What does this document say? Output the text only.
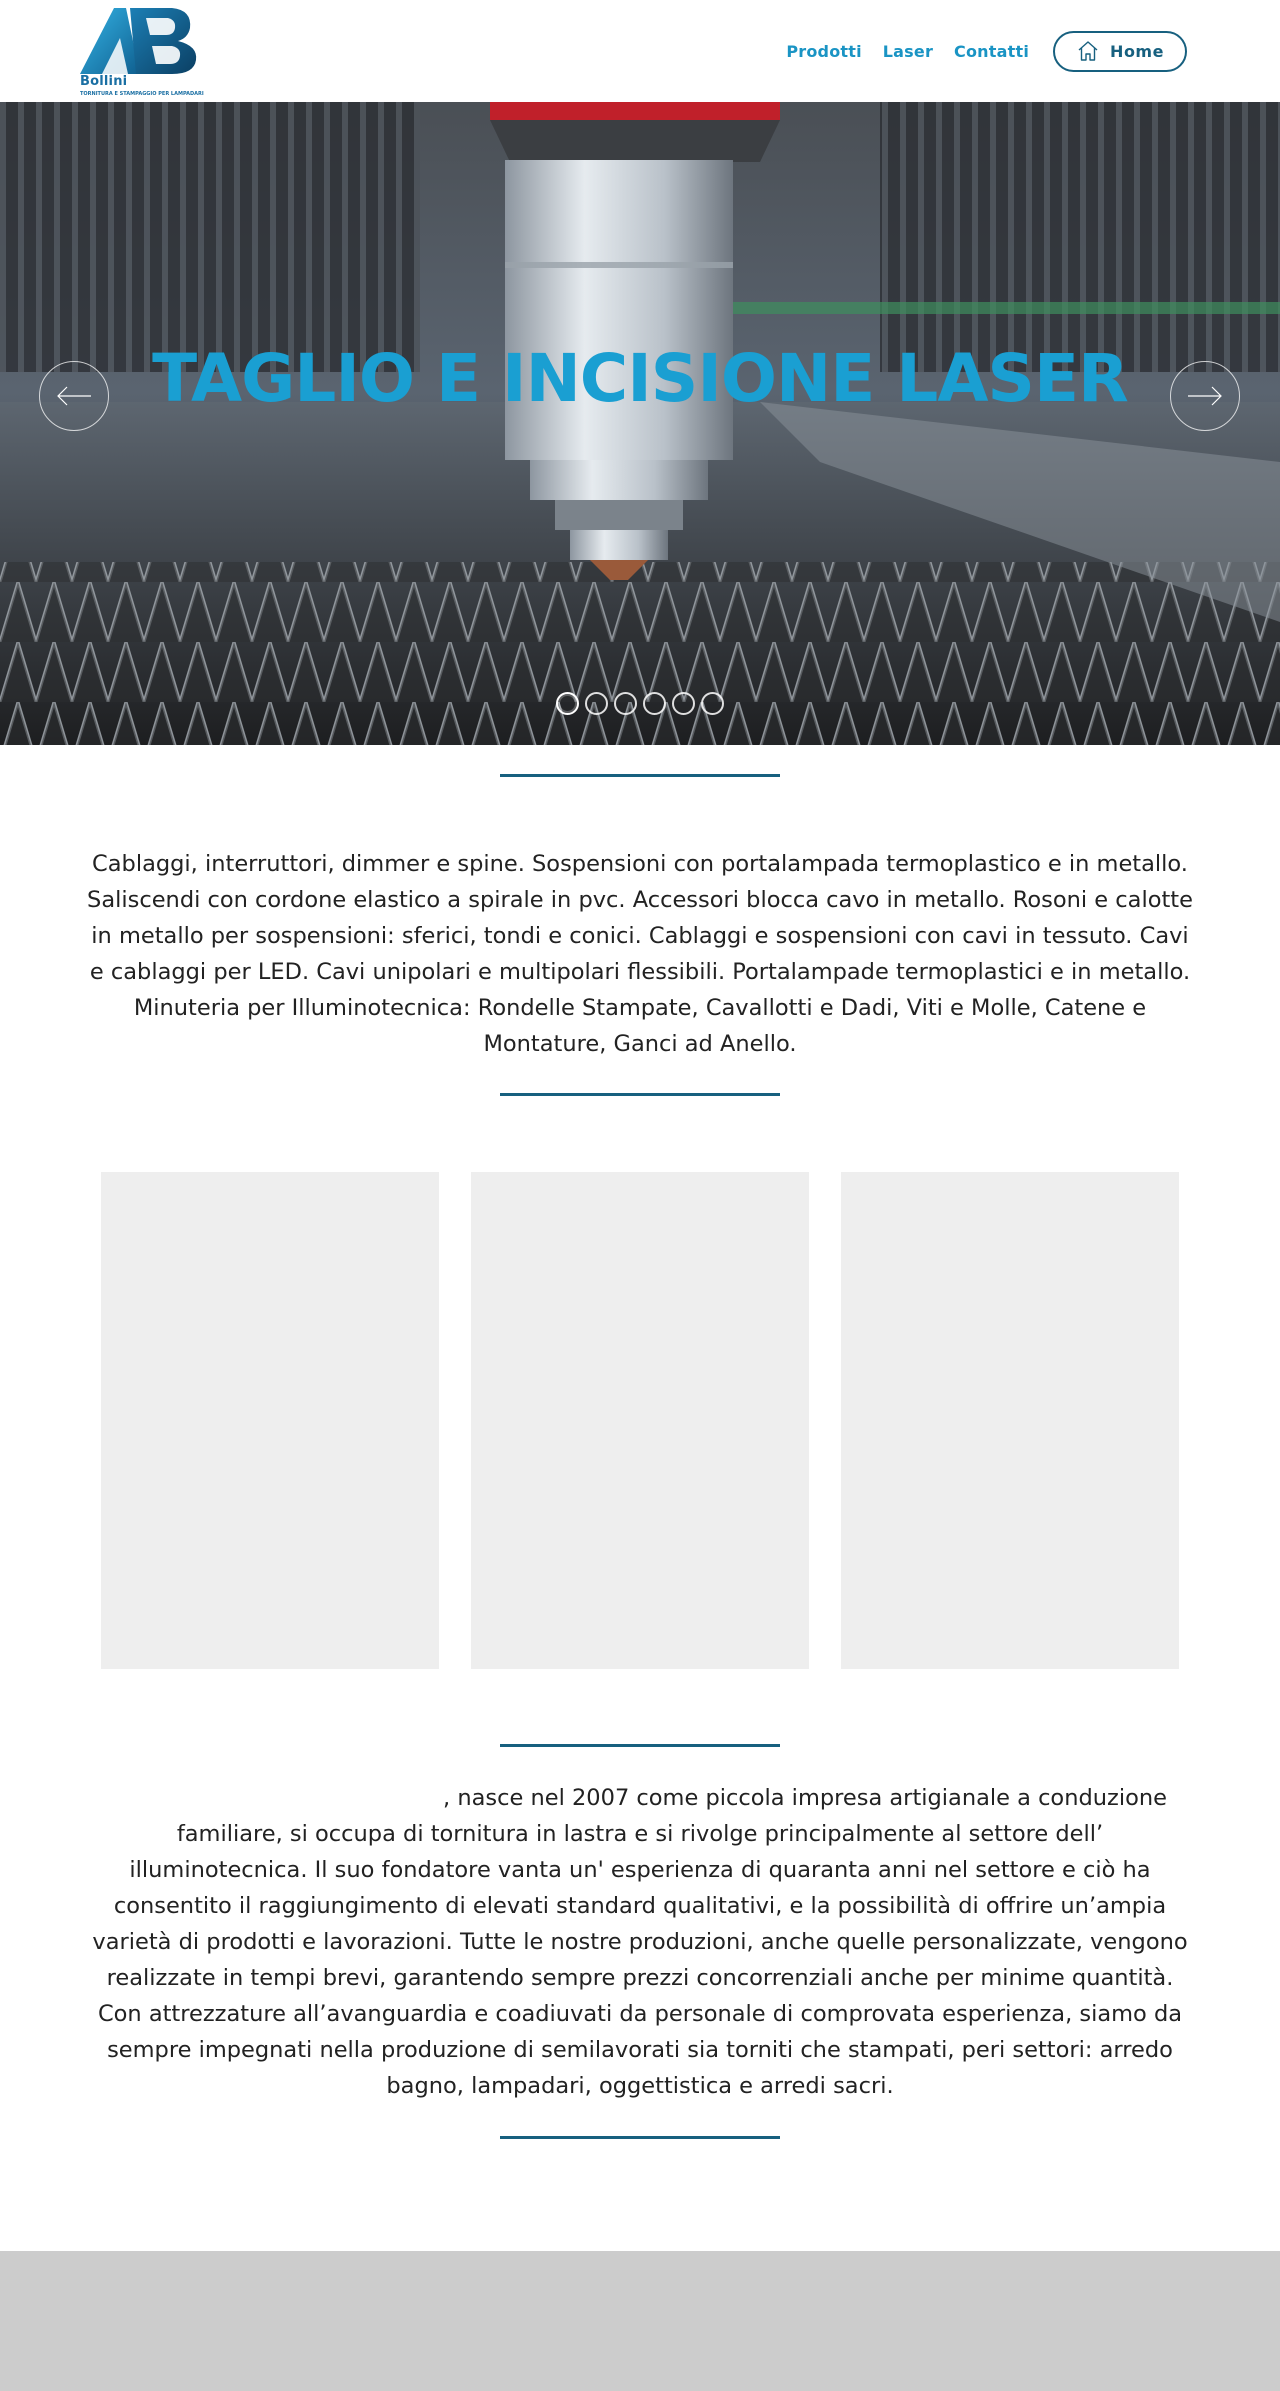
Bollini
TORNITURA E STAMPAGGIO PER LAMPADARI
Prodotti Laser Contatti	Home
TAGLIO E INCISIONE LASER

Cablaggi, interruttori, dimmer e spine. Sospensioni con portalampada termoplastico e in metallo. Saliscendi con cordone elastico a spirale in pvc. Accessori blocca cavo in metallo. Rosoni e calotte in metallo per sospensioni: sferici, tondi e conici. Cablaggi e sospensioni con cavi in tessuto. Cavi e cablaggi per LED. Cavi unipolari e multipolari flessibili. Portalampade termoplastici e in metallo. Minuteria per Illuminotecnica: Rondelle Stampate, Cavallotti e Dadi, Viti e Molle, Catene e Montature, Ganci ad Anello.

, nasce nel 2007 come piccola impresa artigianale a conduzione familiare, si occupa di tornitura in lastra e si rivolge principalmente al settore dell’ illuminotecnica. Il suo fondatore vanta un' esperienza di quaranta anni nel settore e ciò ha consentito il raggiungimento di elevati standard qualitativi, e la possibilità di offrire un’ampia varietà di prodotti e lavorazioni. Tutte le nostre produzioni, anche quelle personalizzate, vengono realizzate in tempi brevi, garantendo sempre prezzi concorrenziali anche per minime quantità. Con attrezzature all’avanguardia e coadiuvati da personale di comprovata esperienza, siamo da sempre impegnati nella produzione di semilavorati sia torniti che stampati, peri settori: arredo bagno, lampadari, oggettistica e arredi sacri.
